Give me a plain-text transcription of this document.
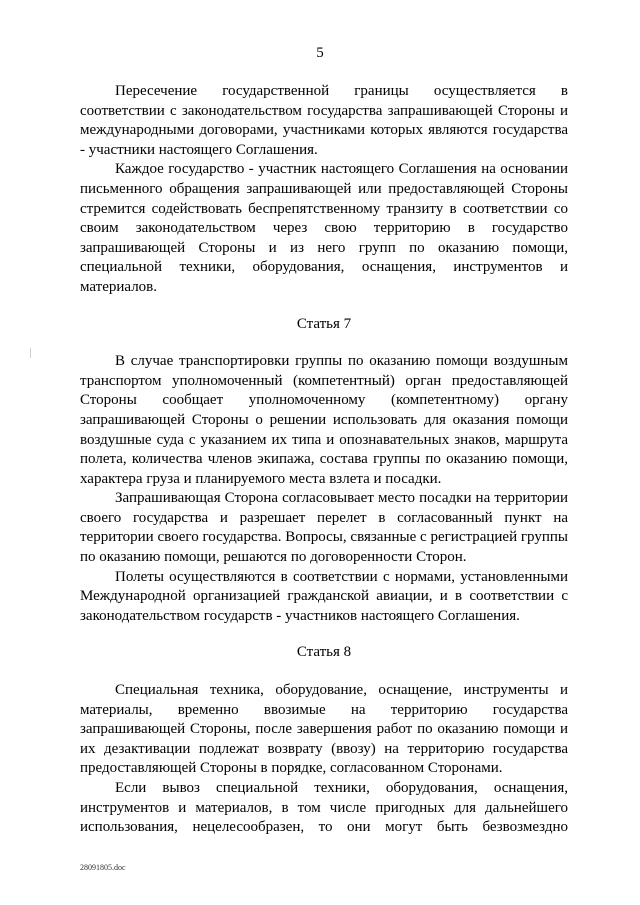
5

Пересечение государственной границы осуществляется в соответствии с законодательством государства запрашивающей Стороны и международными договорами, участниками которых являются государства - участники настоящего Соглашения.

Каждое государство - участник настоящего Соглашения на основании письменного обращения запрашивающей или предоставляющей Стороны стремится содействовать беспрепятственному транзиту в соответствии со своим законодательством через свою территорию в государство запрашивающей Стороны и из него групп по оказанию помощи, специальной техники, оборудования, оснащения, инструментов и материалов.

Статья 7

В случае транспортировки группы по оказанию помощи воздушным транспортом уполномоченный (компетентный) орган предоставляющей Стороны сообщает уполномоченному (компетентному) органу запрашивающей Стороны о решении использовать для оказания помощи воздушные суда с указанием их типа и опознавательных знаков, маршрута полета, количества членов экипажа, состава группы по оказанию помощи, характера груза и планируемого места взлета и посадки.

Запрашивающая Сторона согласовывает место посадки на территории своего государства и разрешает перелет в согласованный пункт на территории своего государства. Вопросы, связанные с регистрацией группы по оказанию помощи, решаются по договоренности Сторон.

Полеты осуществляются в соответствии с нормами, установленными Международной организацией гражданской авиации, и в соответствии с законодательством государств - участников настоящего Соглашения.

Статья 8

Специальная техника, оборудование, оснащение, инструменты и материалы, временно ввозимые на территорию государства запрашивающей Стороны, после завершения работ по оказанию помощи и их дезактивации подлежат возврату (ввозу) на территорию государства предоставляющей Стороны в порядке, согласованном Сторонами.

Если вывоз специальной техники, оборудования, оснащения, инструментов и материалов, в том числе пригодных для дальнейшего использования, нецелесообразен, то они могут быть безвозмездно

28091805.doc
